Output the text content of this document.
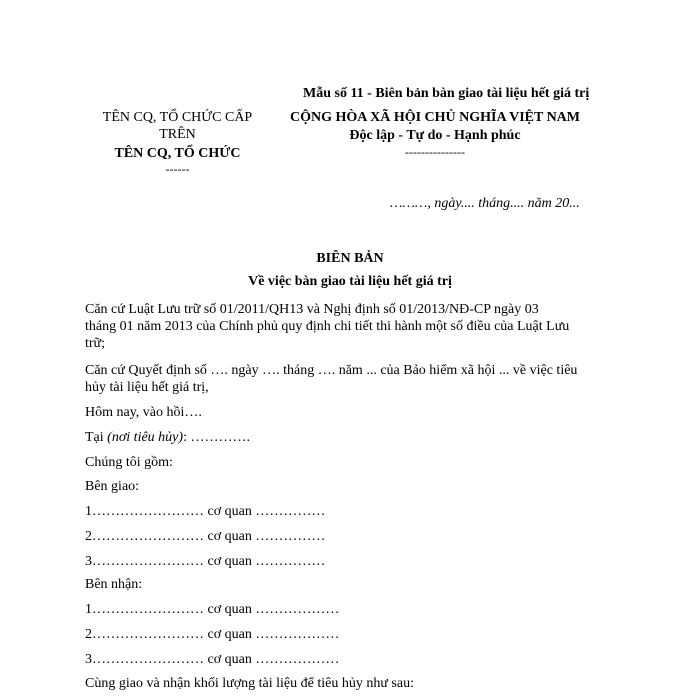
Mẫu số 11 - Biên bản bàn giao tài liệu hết giá trị
TÊN CQ, TỔ CHỨC CẤP
TRÊN
TÊN CQ, TỔ CHỨC
------
CỘNG HÒA XÃ HỘI CHỦ NGHĨA VIỆT NAM
Độc lập - Tự do - Hạnh phúc
---------------
………, ngày.... tháng.... năm 20...
BIÊN BẢN
Về việc bàn giao tài liệu hết giá trị
Căn cứ Luật Lưu trữ số 01/2011/QH13 và Nghị định số 01/2013/NĐ-CP ngày 03
tháng 01 năm 2013 của Chính phủ quy định chi tiết thi hành một số điều của Luật Lưu
trữ;
Căn cứ Quyết định số …. ngày …. tháng …. năm ... của Bảo hiểm xã hội ... về việc tiêu
hủy tài liệu hết giá trị,
Hôm nay, vào hồi….
Tại (nơi tiêu hủy): ………….
Chúng tôi gồm:
Bên giao:
1…………………… cơ quan ……………
2…………………… cơ quan ……………
3…………………… cơ quan ……………
Bên nhận:
1…………………… cơ quan ………………
2…………………… cơ quan ………………
3…………………… cơ quan ………………
Cùng giao và nhận khối lượng tài liệu để tiêu hủy như sau:
